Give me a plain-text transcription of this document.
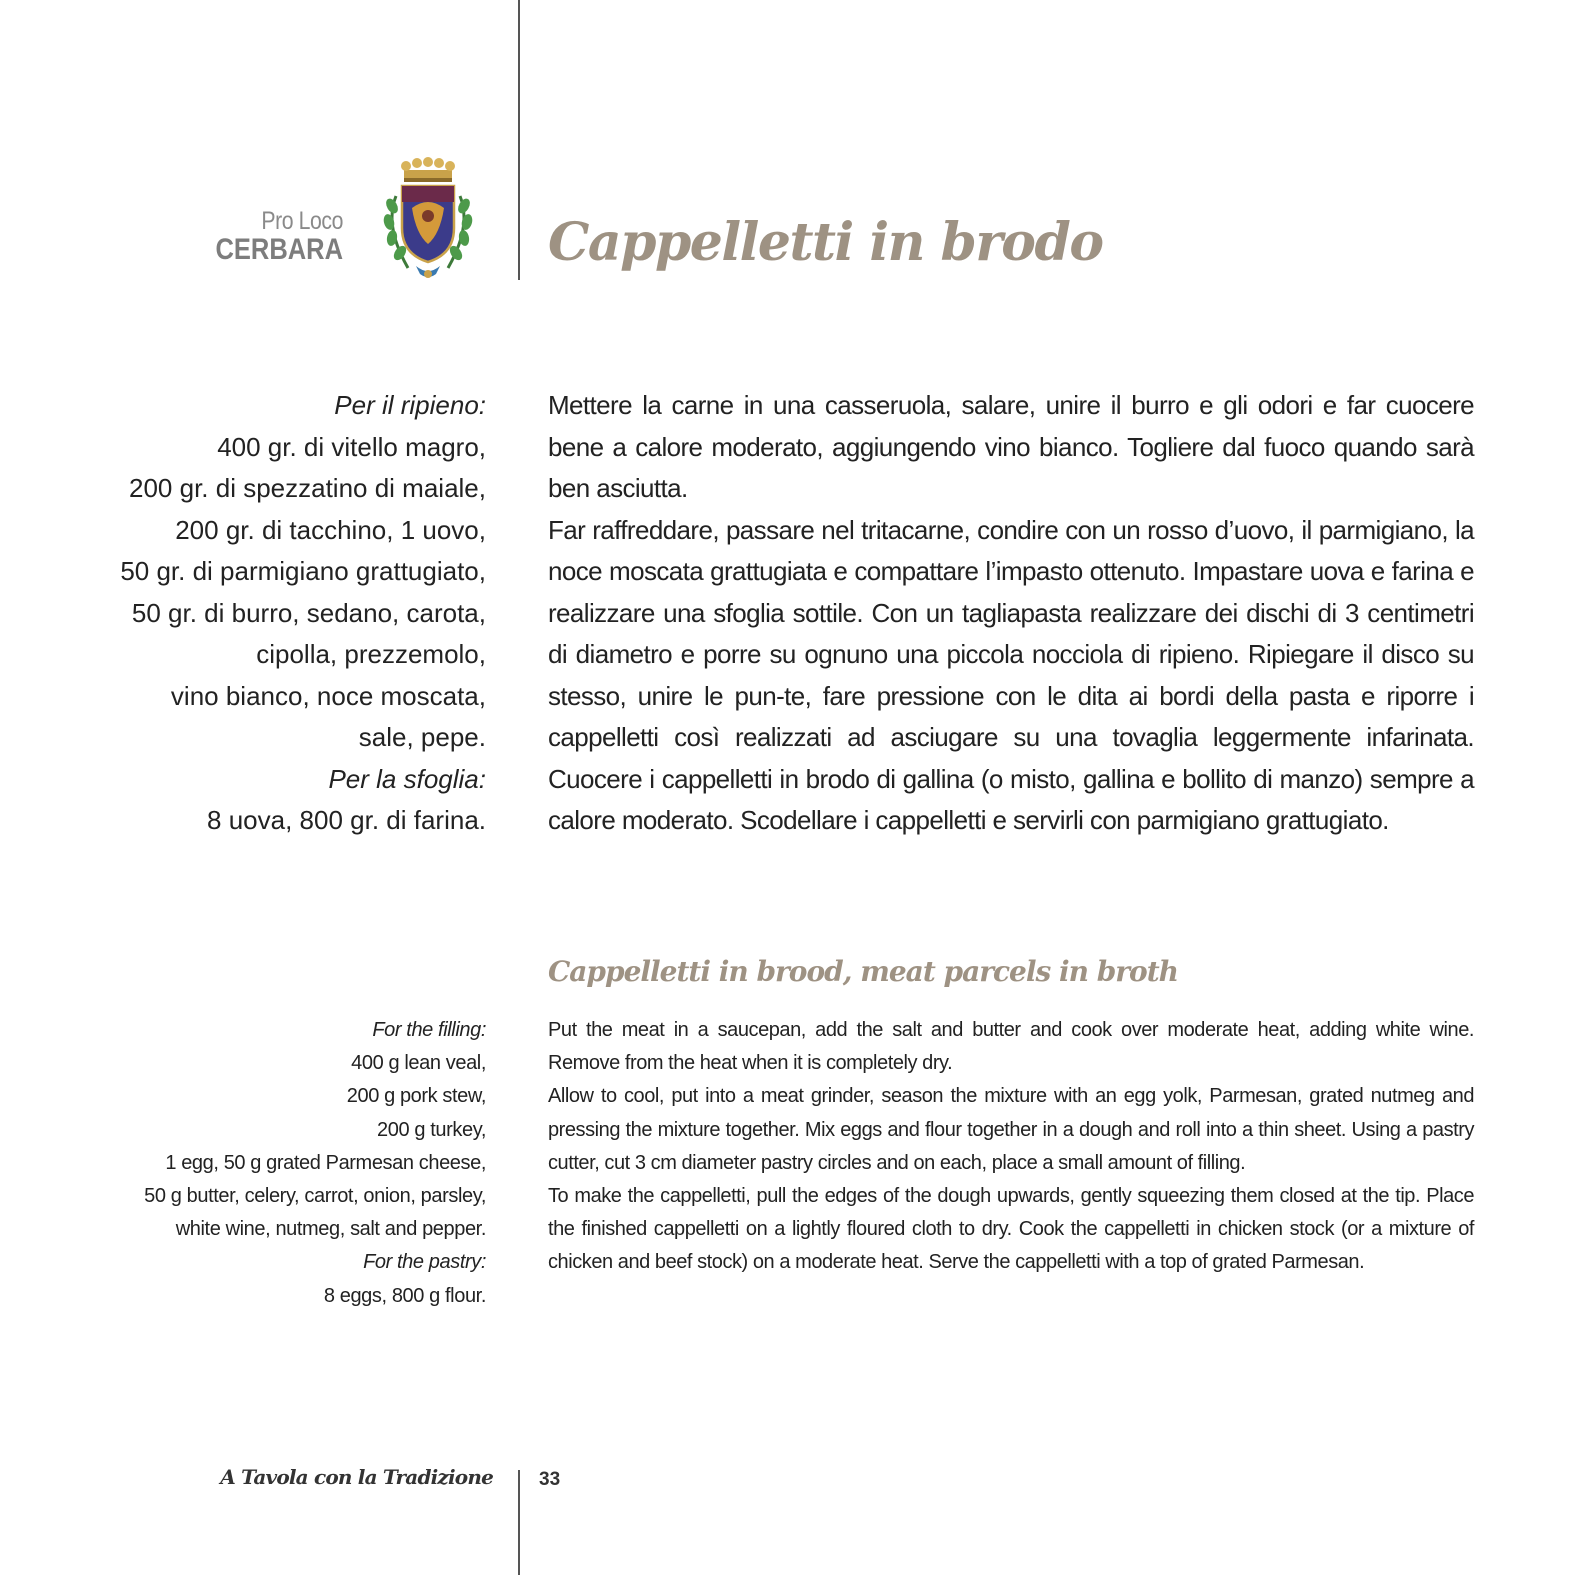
Pro Loco
CERBARA	Cappelletti in brodo
Per il ripieno:
400 gr. di vitello magro,
200 gr. di spezzatino di maiale,
200 gr. di tacchino, 1 uovo,
50 gr. di parmigiano grattugiato,
50 gr. di burro, sedano, carota,
cipolla, prezzemolo,
vino bianco, noce moscata,
sale, pepe.
Per la sfoglia:
8 uova, 800 gr. di farina.

Mettere la carne in una casseruola, salare, unire il burro e gli odori e far cuocere bene a calore moderato, aggiungendo vino bianco. Togliere dal fuoco quando sarà ben asciutta.

Far raffreddare, passare nel tritacarne, condire con un rosso d’uovo, il parmigiano, la noce moscata grattugiata e compattare l’impasto ottenuto. Impastare uova e farina e realizzare una sfoglia sottile. Con un tagliapasta realizzare dei dischi di 3 centimetri di diametro e porre su ognuno una piccola nocciola di ripieno. Ripiegare il disco su stesso, unire le pun-te, fare pressione con le dita ai bordi della pasta e riporre i cappelletti così realizzati ad asciugare su una tovaglia leggermente infarinata. Cuocere i cappelletti in brodo di gallina (o misto, gallina e bollito di manzo) sempre a calore moderato. Scodellare i cappelletti e servirli con parmigiano grattugiato.

Cappelletti in brood, meat parcels in broth
For the filling:
400 g lean veal,
200 g pork stew,
200 g turkey,
1 egg, 50 g grated Parmesan cheese,
50 g butter, celery, carrot, onion, parsley,
white wine, nutmeg, salt and pepper.
For the pastry:
8 eggs, 800 g flour.

Put the meat in a saucepan, add the salt and butter and cook over moderate heat, adding white wine. Remove from the heat when it is completely dry.

Allow to cool, put into a meat grinder, season the mixture with an egg yolk, Parmesan, grated nutmeg and pressing the mixture together. Mix eggs and flour together in a dough and roll into a thin sheet. Using a pastry cutter, cut 3 cm diameter pastry circles and on each, place a small amount of filling.

To make the cappelletti, pull the edges of the dough upwards, gently squeezing them closed at the tip. Place the finished cappelletti on a lightly floured cloth to dry. Cook the cappelletti in chicken stock (or a mixture of chicken and beef stock) on a moderate heat. Serve the cappelletti with a top of grated Parmesan.

A Tavola con la Tradizione 33
